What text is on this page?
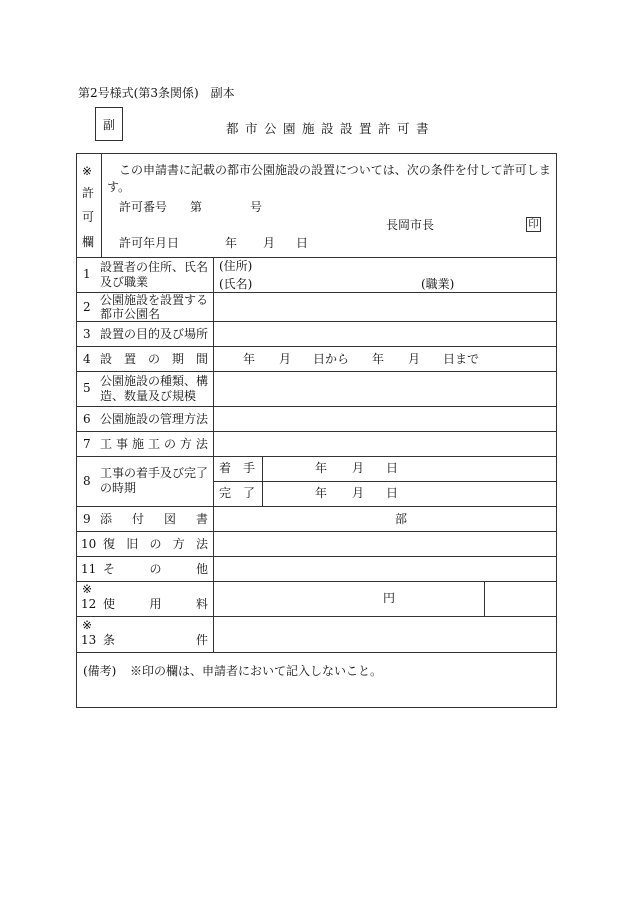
第2号様式(第3条関係)　副本
副	都市公園施設設置許可書
※
許
可
欄
この申請書に記載の都市公園施設の設置については、次の条件を付して許可しま
す。
許可番号 第	号
長岡市長	印
許可年月日	年 月 日
1 設置者の住所、氏名
及び職業
(住所)
(氏名)	(職業)
2 公園施設を設置する
都市公園名
3 設置の目的及び場所
4 設 置 の 期 間	年 月 日から 年 月 日まで
5 公園施設の種類、構
造、数量及び規模
6 公園施設の管理方法
7 工 事 施 工 の 方 法
8
工事の着手及び完了
の時期
着 手	年 月 日
完 了	年 月 日
9 添 付 図 書	部
10 復 旧 の 方 法
11 そ	の	他
※
12 使	用	料	円
※
13 条	件
(備考) ※印の欄は、申請者において記入しないこと。
